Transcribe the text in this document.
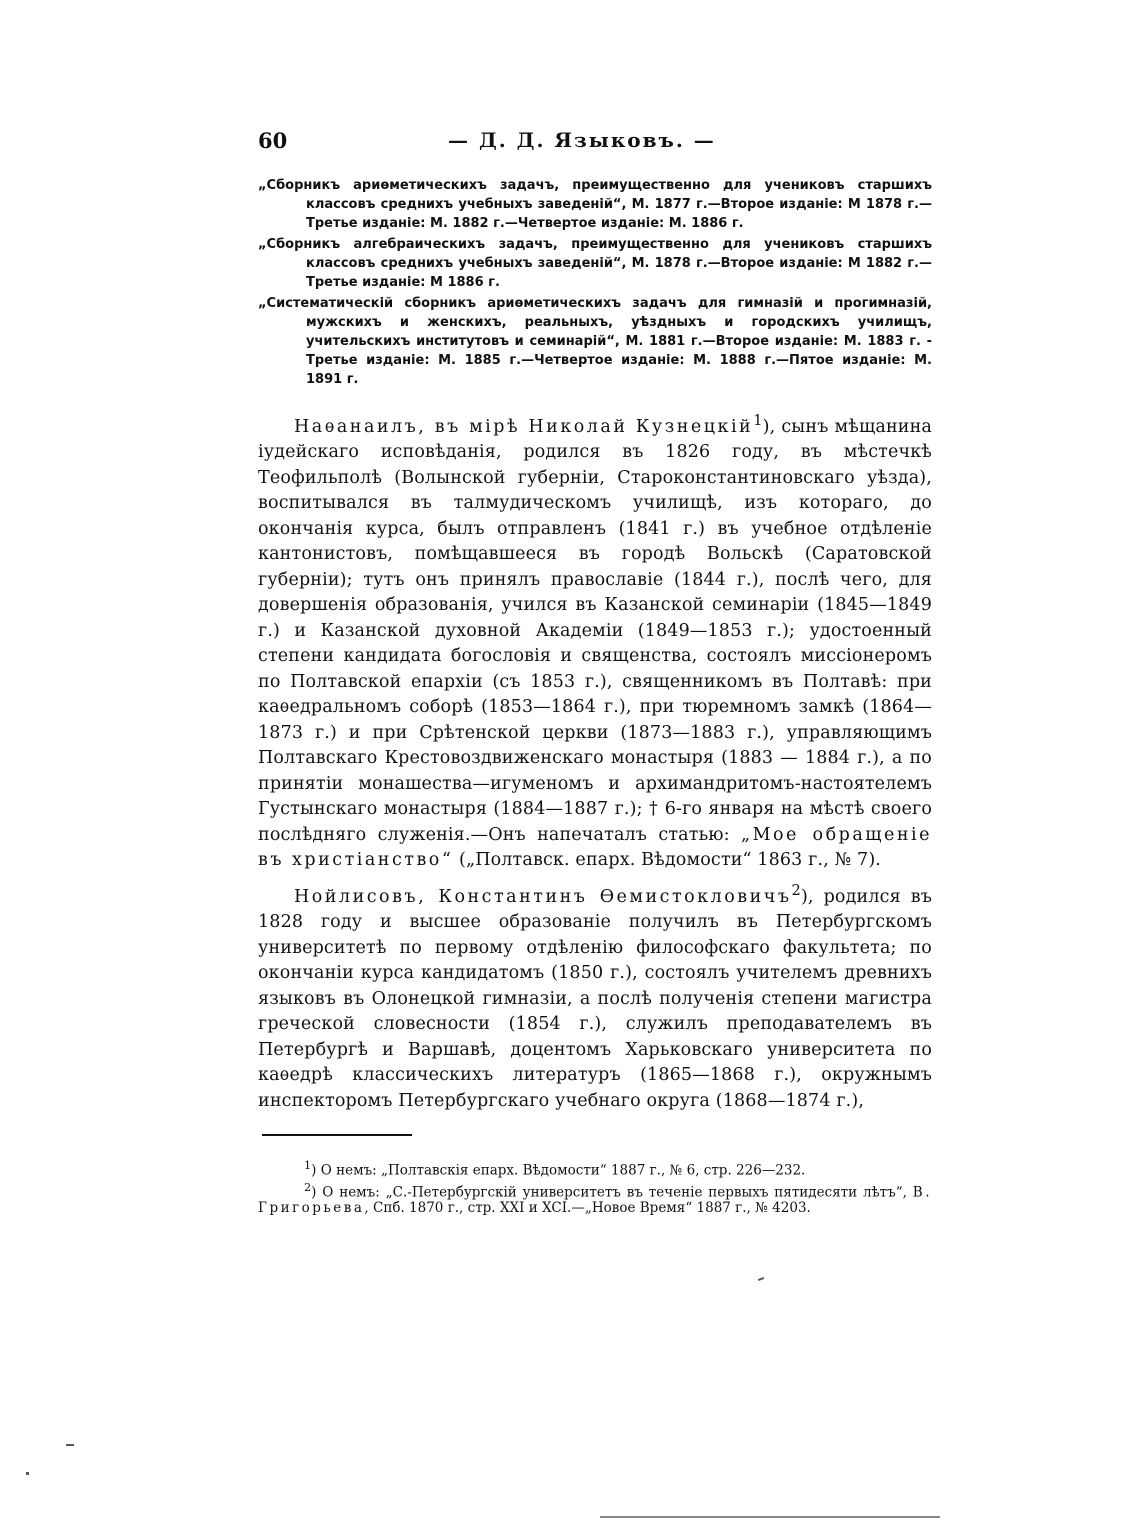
60	— Д. Д. Языковъ. —

„Сборникъ ариѳметическихъ задачъ, преимущественно для учениковъ старшихъ классовъ среднихъ учебныхъ заведеній“, М. 1877 г.—Второе изданіе: М 1878 г.—Третье изданіе: М. 1882 г.—Четвертое изданіе: М. 1886 г.

„Сборникъ алгебраическихъ задачъ, преимущественно для учениковъ старшихъ классовъ среднихъ учебныхъ заведеній“, М. 1878 г.—Второе изданіе: М 1882 г.—Третье изданіе: М 1886 г.

„Систематическій сборникъ ариѳметическихъ задачъ для гимназій и прогимназій, мужскихъ и женскихъ, реальныхъ, уѣздныхъ и городскихъ училищъ, учительскихъ институтовъ и семинарій“, М. 1881 г.—Второе изданіе: М. 1883 г. - Третье изданіе: М. 1885 г.—Четвертое изданіе: М. 1888 г.—Пятое изданіе: М. 1891 г.

Наѳанаилъ, въ мірѣ Николай Кузнецкій$^1$), сынъ мѣщанина іудейскаго исповѣданія, родился въ 1826 году, въ мѣстечкѣ Теофильполѣ (Волынской губерніи, Староконстантиновскаго уѣзда), воспитывался въ талмудическомъ училищѣ, изъ котораго, до окончанія курса, былъ отправленъ (1841 г.) въ учебное отдѣленіе кантонистовъ, помѣщавшееся въ городѣ Вольскѣ (Саратовской губерніи); тутъ онъ принялъ православіе (1844 г.), послѣ чего, для довершенія образованія, учился въ Казанской семинаріи (1845—1849 г.) и Казанской духовной Академіи (1849—1853 г.); удостоенный степени кандидата богословія и священства, состоялъ миссіонеромъ по Полтавской епархіи (съ 1853 г.), священникомъ въ Полтавѣ: при каѳедральномъ соборѣ (1853—1864 г.), при тюремномъ замкѣ (1864—1873 г.) и при Срѣтенской церкви (1873—1883 г.), управляющимъ Полтавскаго Крестовоздвиженскаго монастыря (1883 — 1884 г.), а по принятіи монашества—игуменомъ и архимандритомъ-настоятелемъ Густынскаго монастыря (1884—1887 г.); † 6-го января на мѣстѣ своего послѣдняго служенія.—Онъ напечаталъ статью: „Мое обращеніе въ христіанство“ („Полтавск. епарх. Вѣдомости“ 1863 г., № 7).

Нойлисовъ, Константинъ Ѳемистокловичъ$^2$), родился въ 1828 году и высшее образованіе получилъ въ Петербургскомъ университетѣ по первому отдѣленію философскаго факультета; по окончаніи курса кандидатомъ (1850 г.), состоялъ учителемъ древнихъ языковъ въ Олонецкой гимназіи, а послѣ полученія степени магистра греческой словесности (1854 г.), служилъ преподавателемъ въ Петербургѣ и Варшавѣ, доцентомъ Харьковскаго университета по каѳедрѣ классическихъ литературъ (1865—1868 г.), окружнымъ инспекторомъ Петербургскаго учебнаго округа (1868—1874 г.),

$^1$) О немъ: „Полтавскія епарх. Вѣдомости“ 1887 г., № 6, стр. 226—232.

$^2$) О немъ: „С.-Петербургскій университетъ въ теченіе первыхъ пятидесяти лѣтъ“, В. Григорьева, Спб. 1870 г., стр. XXI и XCI.—„Новое Время“ 1887 г., № 4203.
